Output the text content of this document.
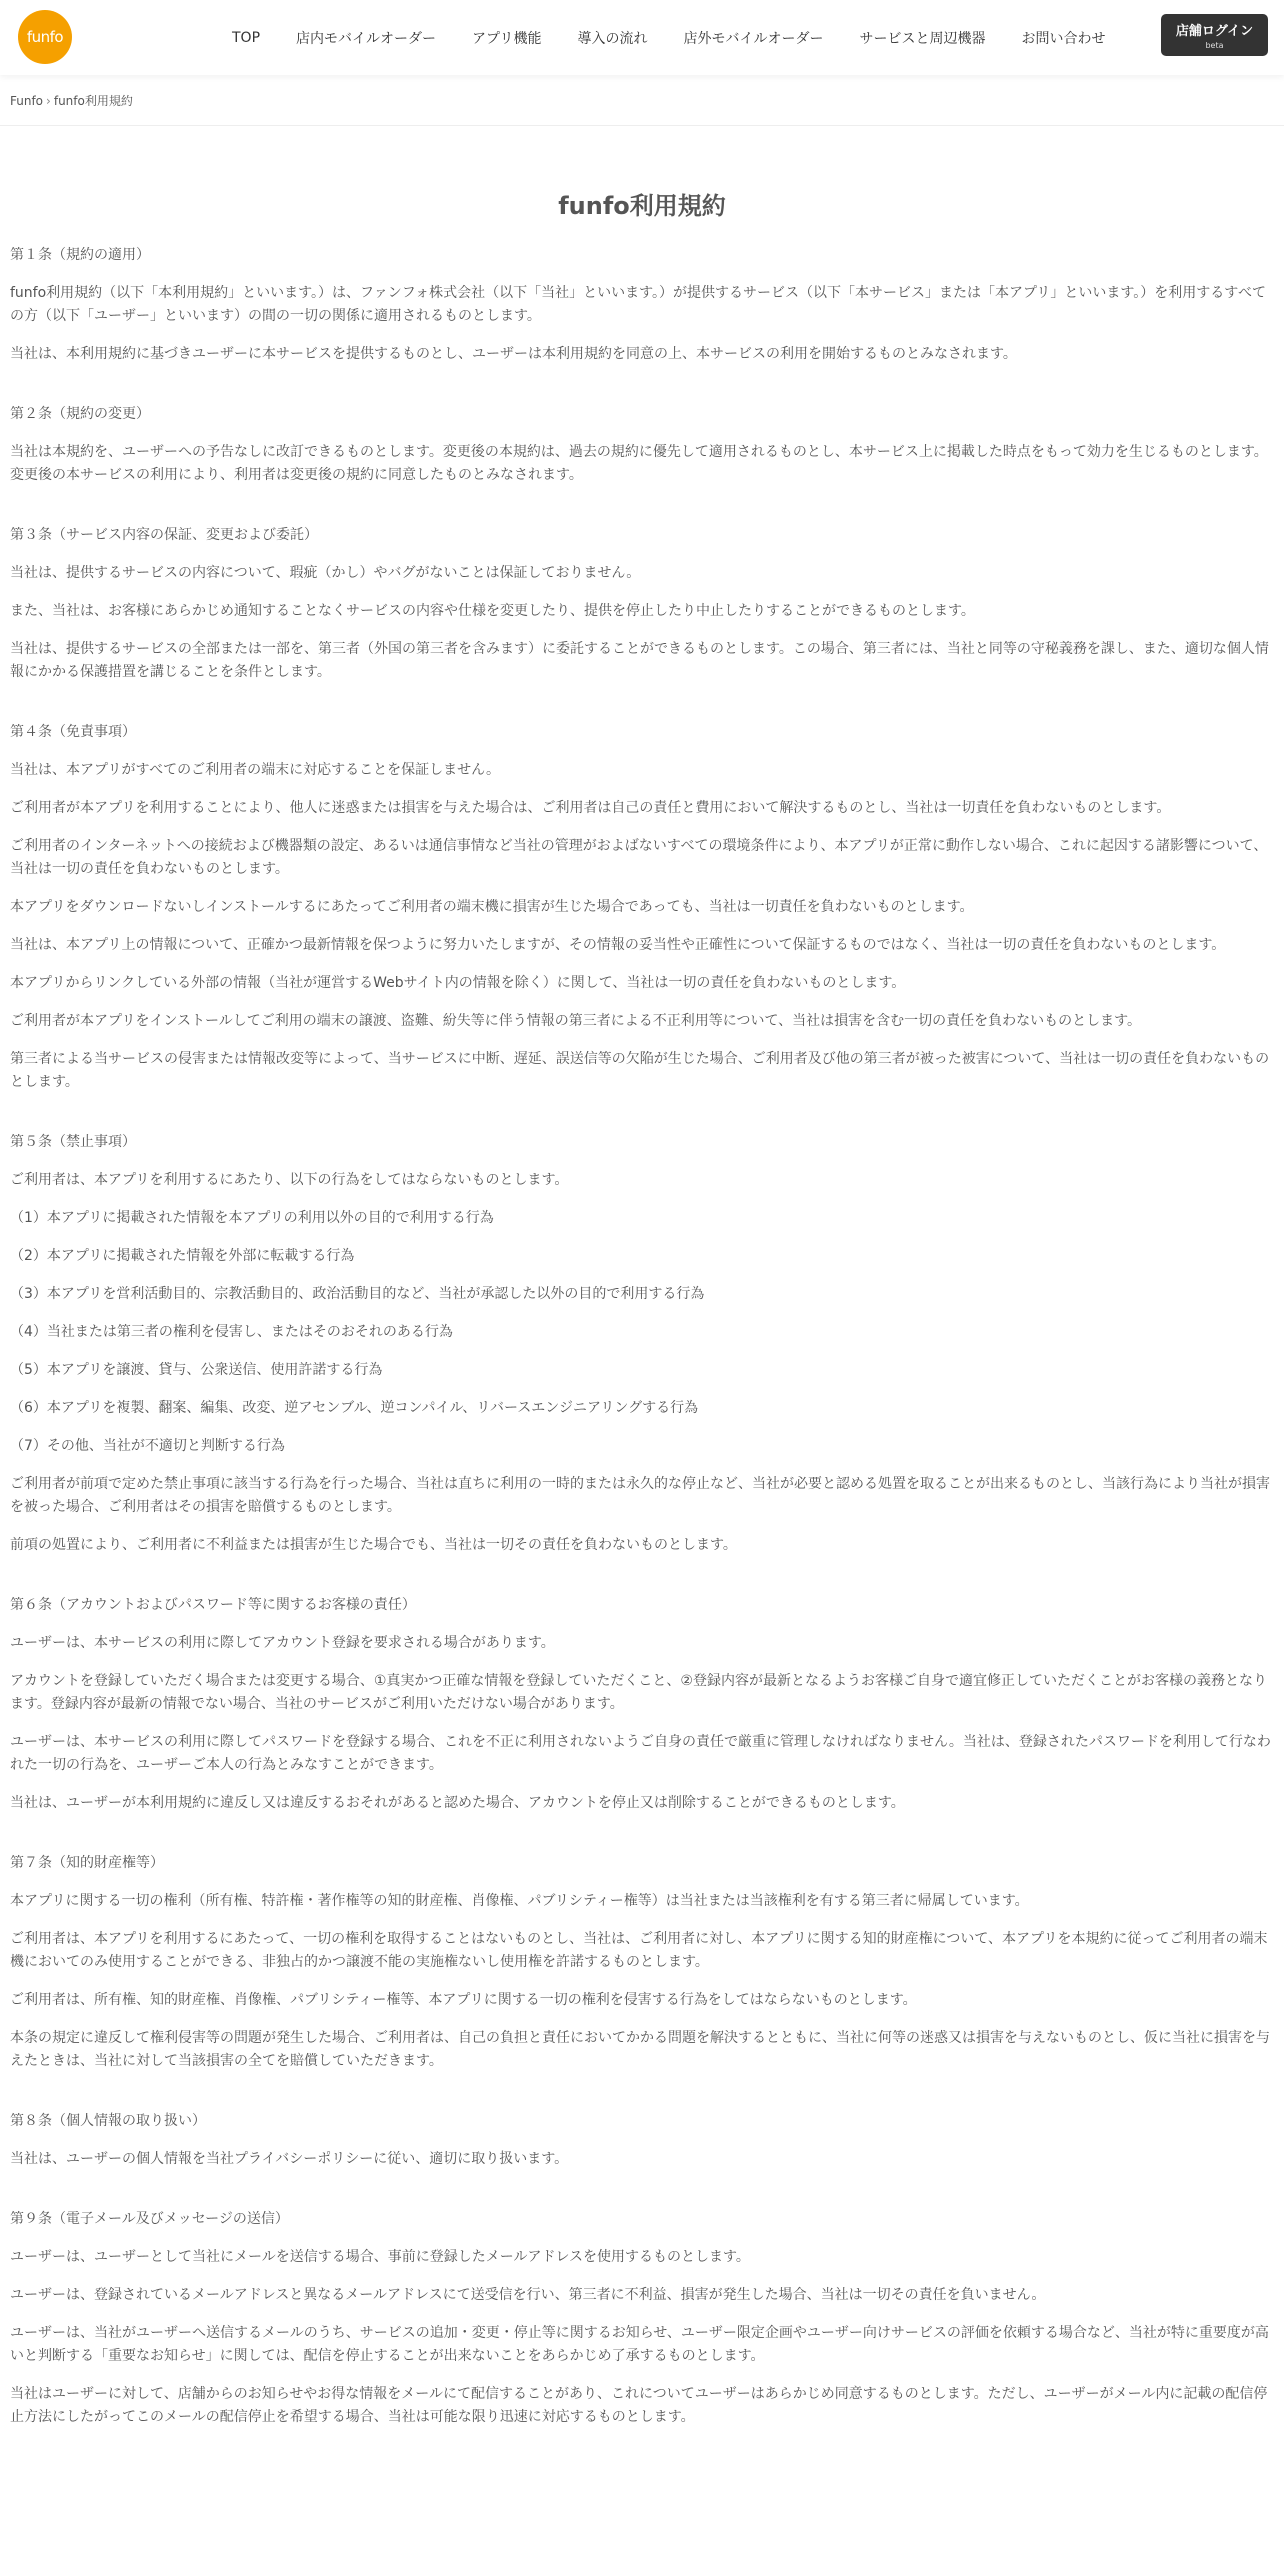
funfo	TOP	店内モバイルオーダー	アプリ機能	導入の流れ	店外モバイルオーダー	サービスと周辺機器	お問い合わせ	店舗ログイン
beta
Funfo › funfo利用規約
funfo利用規約
第１条（規約の適用）

funfo利用規約（以下「本利用規約」といいます。）は、ファンフォ株式会社（以下「当社」といいます。）が提供するサービス（以下「本サービス」または「本アプリ」といいます。）を利用するすべての方（以下「ユーザー」といいます）の間の一切の関係に適用されるものとします。

当社は、本利用規約に基づきユーザーに本サービスを提供するものとし、ユーザーは本利用規約を同意の上、本サービスの利用を開始するものとみなされます。

第２条（規約の変更）

当社は本規約を、ユーザーへの予告なしに改訂できるものとします。変更後の本規約は、過去の規約に優先して適用されるものとし、本サービス上に掲載した時点をもって効力を生じるものとします。変更後の本サービスの利用により、利用者は変更後の規約に同意したものとみなされます。

第３条（サービス内容の保証、変更および委託）

当社は、提供するサービスの内容について、瑕疵（かし）やバグがないことは保証しておりません。

また、当社は、お客様にあらかじめ通知することなくサービスの内容や仕様を変更したり、提供を停止したり中止したりすることができるものとします。

当社は、提供するサービスの全部または一部を、第三者（外国の第三者を含みます）に委託することができるものとします。この場合、第三者には、当社と同等の守秘義務を課し、また、適切な個人情報にかかる保護措置を講じることを条件とします。

第４条（免責事項）

当社は、本アプリがすべてのご利用者の端末に対応することを保証しません。

ご利用者が本アプリを利用することにより、他人に迷惑または損害を与えた場合は、ご利用者は自己の責任と費用において解決するものとし、当社は一切責任を負わないものとします。

ご利用者のインターネットへの接続および機器類の設定、あるいは通信事情など当社の管理がおよばないすべての環境条件により、本アプリが正常に動作しない場合、これに起因する諸影響について、当社は一切の責任を負わないものとします。

本アプリをダウンロードないしインストールするにあたってご利用者の端末機に損害が生じた場合であっても、当社は一切責任を負わないものとします。

当社は、本アプリ上の情報について、正確かつ最新情報を保つように努力いたしますが、その情報の妥当性や正確性について保証するものではなく、当社は一切の責任を負わないものとします。

本アプリからリンクしている外部の情報（当社が運営するWebサイト内の情報を除く）に関して、当社は一切の責任を負わないものとします。

ご利用者が本アプリをインストールしてご利用の端末の譲渡、盗難、紛失等に伴う情報の第三者による不正利用等について、当社は損害を含む一切の責任を負わないものとします。

第三者による当サービスの侵害または情報改変等によって、当サービスに中断、遅延、誤送信等の欠陥が生じた場合、ご利用者及び他の第三者が被った被害について、当社は一切の責任を負わないものとします。

第５条（禁止事項）

ご利用者は、本アプリを利用するにあたり、以下の行為をしてはならないものとします。

（1）本アプリに掲載された情報を本アプリの利用以外の目的で利用する行為

（2）本アプリに掲載された情報を外部に転載する行為

（3）本アプリを営利活動目的、宗教活動目的、政治活動目的など、当社が承認した以外の目的で利用する行為

（4）当社または第三者の権利を侵害し、またはそのおそれのある行為

（5）本アプリを譲渡、貸与、公衆送信、使用許諾する行為

（6）本アプリを複製、翻案、編集、改変、逆アセンブル、逆コンパイル、リバースエンジニアリングする行為

（7）その他、当社が不適切と判断する行為

ご利用者が前項で定めた禁止事項に該当する行為を行った場合、当社は直ちに利用の一時的または永久的な停止など、当社が必要と認める処置を取ることが出来るものとし、当該行為により当社が損害を被った場合、ご利用者はその損害を賠償するものとします。

前項の処置により、ご利用者に不利益または損害が生じた場合でも、当社は一切その責任を負わないものとします。

第６条（アカウントおよびパスワード等に関するお客様の責任）

ユーザーは、本サービスの利用に際してアカウント登録を要求される場合があります。

アカウントを登録していただく場合または変更する場合、①真実かつ正確な情報を登録していただくこと、②登録内容が最新となるようお客様ご自身で適宜修正していただくことがお客様の義務となります。登録内容が最新の情報でない場合、当社のサービスがご利用いただけない場合があります。

ユーザーは、本サービスの利用に際してパスワードを登録する場合、これを不正に利用されないようご自身の責任で厳重に管理しなければなりません。当社は、登録されたパスワードを利用して行なわれた一切の行為を、ユーザーご本人の行為とみなすことができます。

当社は、ユーザーが本利用規約に違反し又は違反するおそれがあると認めた場合、アカウントを停止又は削除することができるものとします。

第７条（知的財産権等）

本アプリに関する一切の権利（所有権、特許権・著作権等の知的財産権、肖像権、パブリシティー権等）は当社または当該権利を有する第三者に帰属しています。

ご利用者は、本アプリを利用するにあたって、一切の権利を取得することはないものとし、当社は、ご利用者に対し、本アプリに関する知的財産権について、本アプリを本規約に従ってご利用者の端末機においてのみ使用することができる、非独占的かつ譲渡不能の実施権ないし使用権を許諾するものとします。

ご利用者は、所有権、知的財産権、肖像権、パブリシティー権等、本アプリに関する一切の権利を侵害する行為をしてはならないものとします。

本条の規定に違反して権利侵害等の問題が発生した場合、ご利用者は、自己の負担と責任においてかかる問題を解決するとともに、当社に何等の迷惑又は損害を与えないものとし、仮に当社に損害を与えたときは、当社に対して当該損害の全てを賠償していただきます。

第８条（個人情報の取り扱い）

当社は、ユーザーの個人情報を当社プライバシーポリシーに従い、適切に取り扱います。

第９条（電子メール及びメッセージの送信）

ユーザーは、ユーザーとして当社にメールを送信する場合、事前に登録したメールアドレスを使用するものとします。

ユーザーは、登録されているメールアドレスと異なるメールアドレスにて送受信を行い、第三者に不利益、損害が発生した場合、当社は一切その責任を負いません。

ユーザーは、当社がユーザーへ送信するメールのうち、サービスの追加・変更・停止等に関するお知らせ、ユーザー限定企画やユーザー向けサービスの評価を依頼する場合など、当社が特に重要度が高いと判断する「重要なお知らせ」に関しては、配信を停止することが出来ないことをあらかじめ了承するものとします。

当社はユーザーに対して、店舗からのお知らせやお得な情報をメールにて配信することがあり、これについてユーザーはあらかじめ同意するものとします。ただし、ユーザーがメール内に記載の配信停止方法にしたがってこのメールの配信停止を希望する場合、当社は可能な限り迅速に対応するものとします。
